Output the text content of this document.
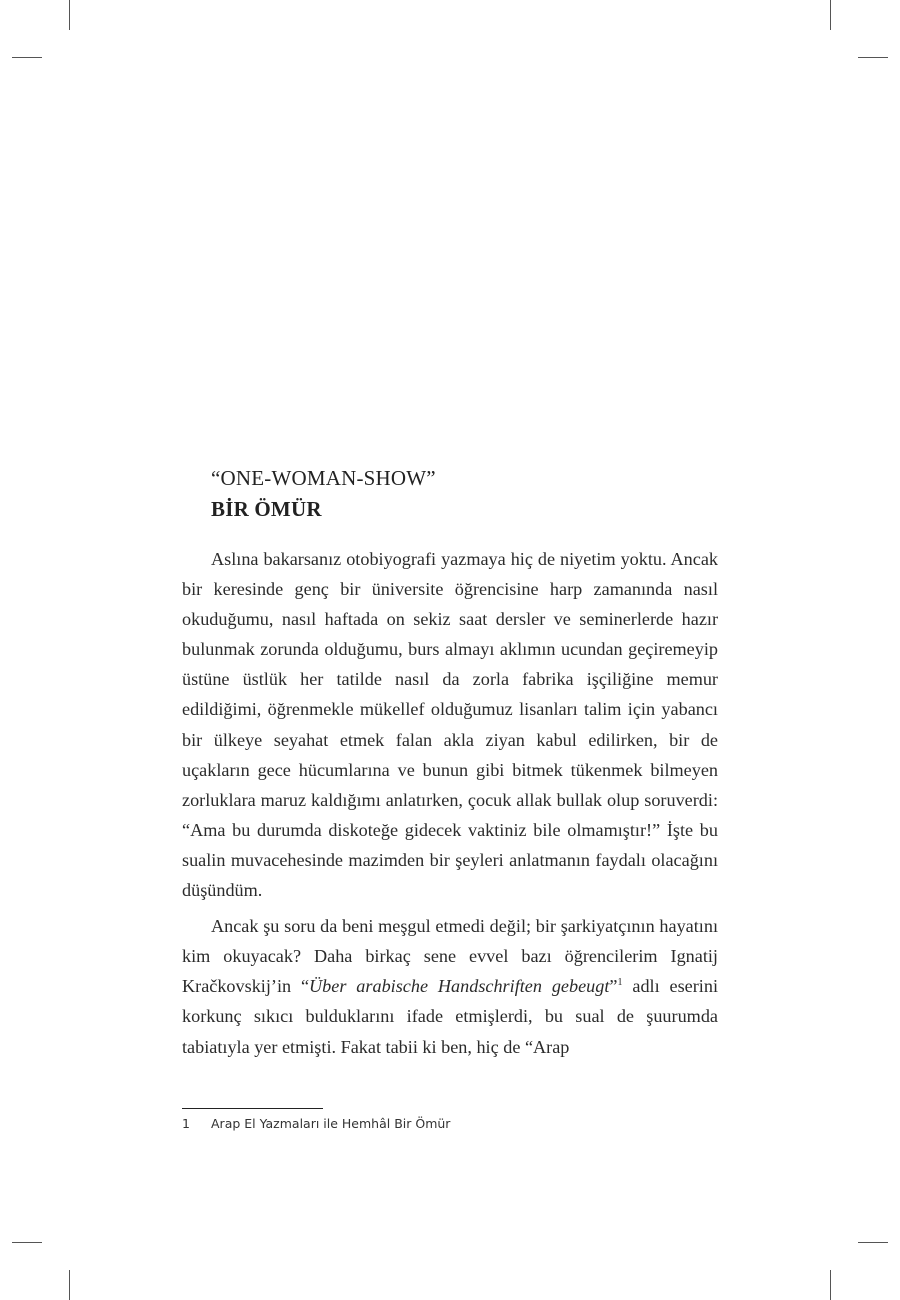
“ONE-WOMAN-SHOW”
BİR ÖMÜR

Aslına bakarsanız otobiyografi yazmaya hiç de niyetim yoktu. Ancak bir keresinde genç bir üniversite öğrencisine harp zamanında nasıl okuduğumu, nasıl haftada on sekiz saat dersler ve seminerlerde hazır bulunmak zorunda olduğumu, burs almayı aklımın ucundan geçiremeyip üstüne üstlük her tatilde nasıl da zorla fabrika işçiliğine memur edildiğimi, öğrenmekle mükellef olduğumuz lisanları talim için yabancı bir ülkeye seyahat etmek falan akla ziyan kabul edilirken, bir de uçakların gece hücumlarına ve bunun gibi bitmek tükenmek bilmeyen zorluklara maruz kaldığımı anlatırken, çocuk allak bullak olup soruverdi: “Ama bu durumda diskoteğe gidecek vaktiniz bile olmamıştır!” İşte bu sualin muvacehesinde mazimden bir şeyleri anlatmanın faydalı olacağını düşündüm.

Ancak şu soru da beni meşgul etmedi değil; bir şarkiyatçının hayatını kim okuyacak? Daha birkaç sene evvel bazı öğrencilerim Ignatij Kračkovskij’in “Über arabische Handschriften gebeugt”$^1$ adlı eserini korkunç sıkıcı bulduklarını ifade etmişlerdi, bu sual de şuurumda tabiatıyla yer etmişti. Fakat tabii ki ben, hiç de “Arap

1 Arap El Yazmaları ile Hemhâl Bir Ömür
